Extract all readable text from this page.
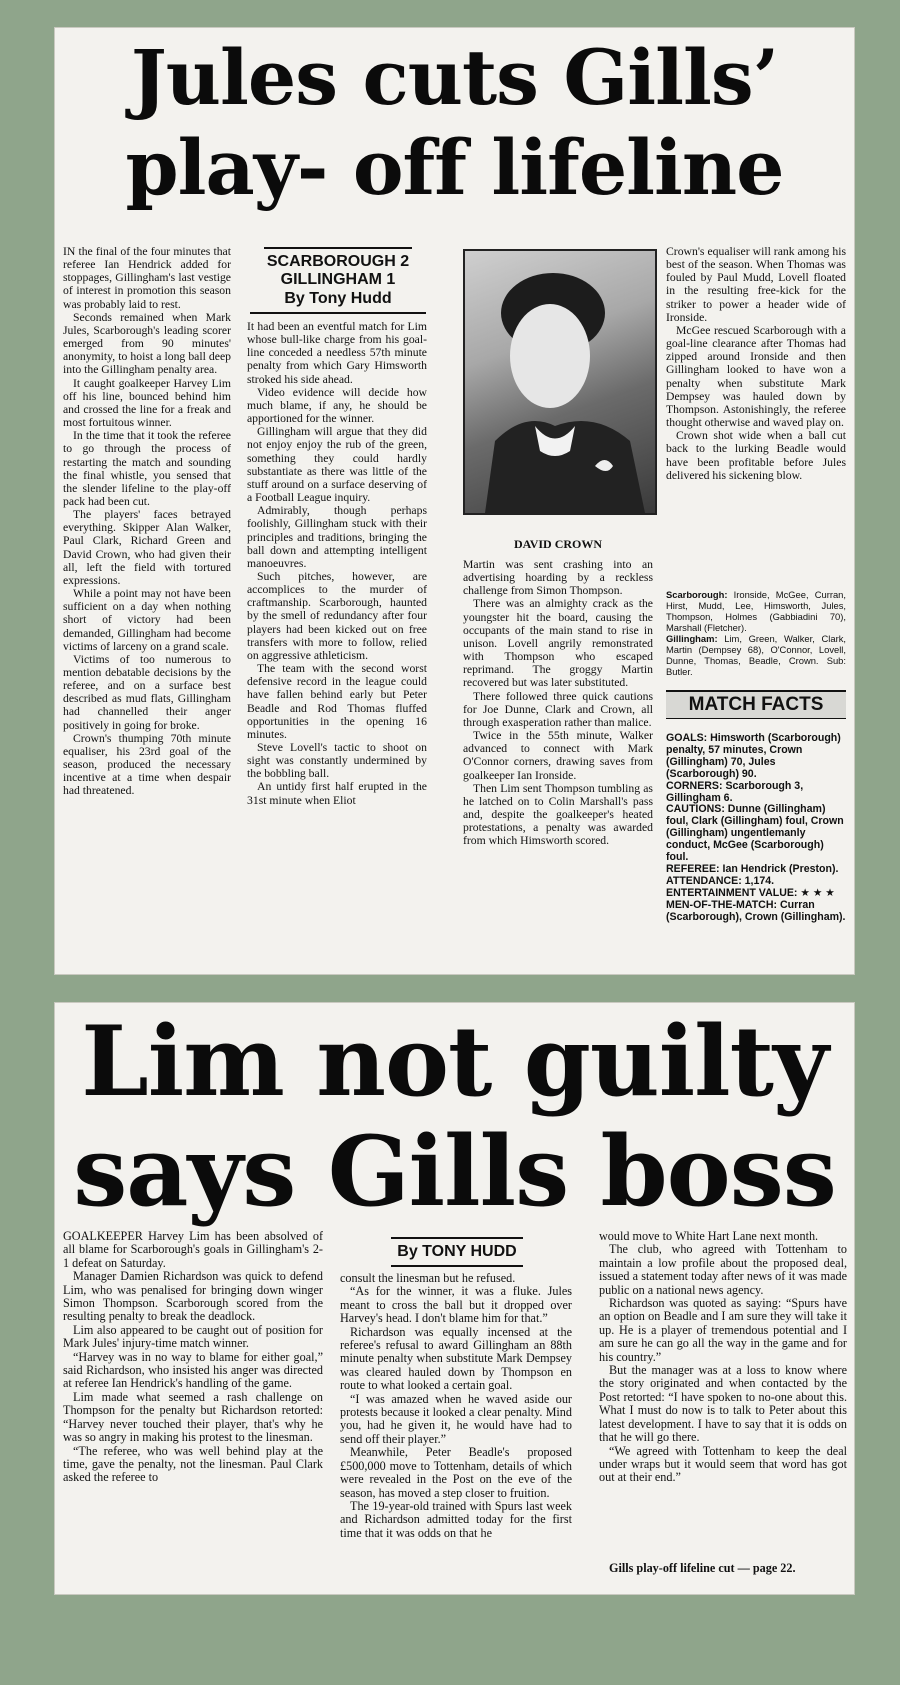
Jules cuts Gills’
play- off lifeline

IN the final of the four minutes that referee Ian Hendrick added for stoppages, Gillingham's last vestige of interest in promotion this season was probably laid to rest.

Seconds remained when Mark Jules, Scarborough's leading scorer emerged from 90 minutes' anonymity, to hoist a long ball deep into the Gillingham penalty area.

It caught goalkeeper Harvey Lim off his line, bounced behind him and crossed the line for a freak and most fortuitous winner.

In the time that it took the referee to go through the process of restarting the match and sounding the final whistle, you sensed that the slender lifeline to the play-off pack had been cut.

The players' faces betrayed everything. Skipper Alan Walker, Paul Clark, Richard Green and David Crown, who had given their all, left the field with tortured expressions.

While a point may not have been sufficient on a day when nothing short of victory had been demanded, Gillingham had become victims of larceny on a grand scale.

Victims of too numerous to mention debatable decisions by the referee, and on a surface best described as mud flats, Gillingham had channelled their anger positively in going for broke.

Crown's thumping 70th minute equaliser, his 23rd goal of the season, produced the necessary incentive at a time when despair had threatened.

SCARBOROUGH 2
GILLINGHAM 1
By Tony Hudd

It had been an eventful match for Lim whose bull-like charge from his goal-line conceded a needless 57th minute penalty from which Gary Himsworth stroked his side ahead.

Video evidence will decide how much blame, if any, he should be apportioned for the winner.

Gillingham will argue that they did not enjoy enjoy the rub of the green, something they could hardly substantiate as there was little of the stuff around on a surface deserving of a Football League inquiry.

Admirably, though perhaps foolishly, Gillingham stuck with their principles and traditions, bringing the ball down and attempting intelligent manoeuvres.

Such pitches, however, are accomplices to the murder of craftmanship. Scarborough, haunted by the smell of redundancy after four players had been kicked out on free transfers with more to follow, relied on aggressive athleticism.

The team with the second worst defensive record in the league could have fallen behind early but Peter Beadle and Rod Thomas fluffed opportunities in the opening 16 minutes.

Steve Lovell's tactic to shoot on sight was constantly undermined by the bobbling ball.

An untidy first half erupted in the 31st minute when Eliot

DAVID CROWN

Martin was sent crashing into an advertising hoarding by a reckless challenge from Simon Thompson.

There was an almighty crack as the youngster hit the board, causing the occupants of the main stand to rise in unison. Lovell angrily remonstrated with Thompson who escaped reprimand. The groggy Martin recovered but was later substituted.

There followed three quick cautions for Joe Dunne, Clark and Crown, all through exasperation rather than malice.

Twice in the 55th minute, Walker advanced to connect with Mark O'Connor corners, drawing saves from goalkeeper Ian Ironside.

Then Lim sent Thompson tumbling as he latched on to Colin Marshall's pass and, despite the goalkeeper's heated protestations, a penalty was awarded from which Himsworth scored.

Crown's equaliser will rank among his best of the season. When Thomas was fouled by Paul Mudd, Lovell floated in the resulting free-kick for the striker to power a header wide of Ironside.

McGee rescued Scarborough with a goal-line clearance after Thomas had zipped around Ironside and then Gillingham looked to have won a penalty when substitute Mark Dempsey was hauled down by Thompson. Astonishingly, the referee thought otherwise and waved play on.

Crown shot wide when a ball cut back to the lurking Beadle would have been profitable before Jules delivered his sickening blow.

Scarborough: Ironside, McGee, Curran, Hirst, Mudd, Lee, Himsworth, Jules, Thompson, Holmes (Gabbiadini 70), Marshall (Fletcher).

Gillingham: Lim, Green, Walker, Clark, Martin (Dempsey 68), O'Connor, Lovell, Dunne, Thomas, Beadle, Crown. Sub: Butler.

MATCH FACTS

GOALS: Himsworth (Scarborough) penalty, 57 minutes, Crown (Gillingham) 70, Jules (Scarborough) 90.

CORNERS: Scarborough 3, Gillingham 6.

CAUTIONS: Dunne (Gillingham) foul, Clark (Gillingham) foul, Crown (Gillingham) ungentlemanly conduct, McGee (Scarborough) foul.

REFEREE: Ian Hendrick (Preston).

ATTENDANCE: 1,174.

ENTERTAINMENT VALUE: ★ ★ ★

MEN-OF-THE-MATCH: Curran (Scarborough), Crown (Gillingham).

Lim not guilty
says Gills boss

GOALKEEPER Harvey Lim has been absolved of all blame for Scarborough's goals in Gillingham's 2-1 defeat on Saturday.

Manager Damien Richardson was quick to defend Lim, who was penalised for bringing down winger Simon Thompson. Scarborough scored from the resulting penalty to break the deadlock.

Lim also appeared to be caught out of position for Mark Jules' injury-time match winner.

“Harvey was in no way to blame for either goal,” said Richardson, who insisted his anger was directed at referee Ian Hendrick's handling of the game.

Lim made what seemed a rash challenge on Thompson for the penalty but Richardson retorted: “Harvey never touched their player, that's why he was so angry in making his protest to the linesman.

“The referee, who was well behind play at the time, gave the penalty, not the linesman. Paul Clark asked the referee to

By TONY HUDD

consult the linesman but he refused.

“As for the winner, it was a fluke. Jules meant to cross the ball but it dropped over Harvey's head. I don't blame him for that.”

Richardson was equally incensed at the referee's refusal to award Gillingham an 88th minute penalty when substitute Mark Dempsey was cleared hauled down by Thompson en route to what looked a certain goal.

“I was amazed when he waved aside our protests because it looked a clear penalty. Mind you, had he given it, he would have had to send off their player.”

Meanwhile, Peter Beadle's proposed £500,000 move to Tottenham, details of which were revealed in the Post on the eve of the season, has moved a step closer to fruition.

The 19-year-old trained with Spurs last week and Richardson admitted today for the first time that it was odds on that he

would move to White Hart Lane next month.

The club, who agreed with Tottenham to maintain a low profile about the proposed deal, issued a statement today after news of it was made public on a national news agency.

Richardson was quoted as saying: “Spurs have an option on Beadle and I am sure they will take it up. He is a player of tremendous potential and I am sure he can go all the way in the game and for his country.”

But the manager was at a loss to know where the story originated and when contacted by the Post retorted: “I have spoken to no-one about this. What I must do now is to talk to Peter about this latest development. I have to say that it is odds on that he will go there.

“We agreed with Tottenham to keep the deal under wraps but it would seem that word has got out at their end.”

Gills play-off lifeline cut — page 22.
